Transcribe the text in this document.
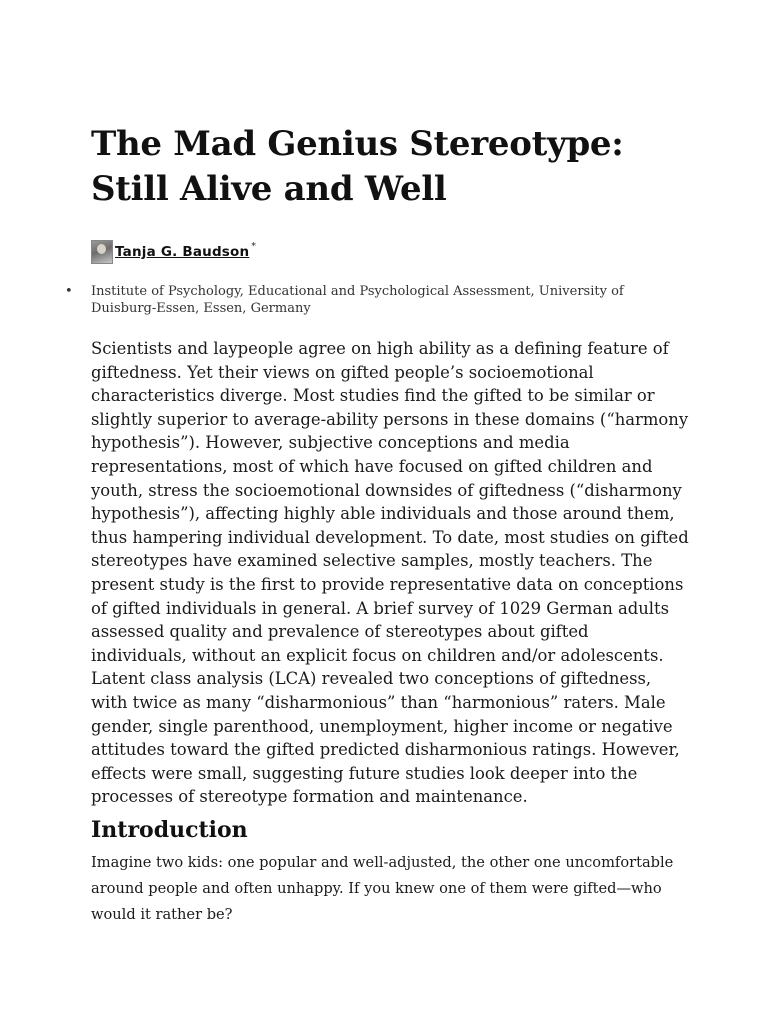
The Mad Genius Stereotype: Still Alive and Well
Tanja G. Baudson *
• Institute of Psychology, Educational and Psychological Assessment, University of Duisburg-Essen, Essen, Germany

Scientists and laypeople agree on high ability as a defining feature of giftedness. Yet their views on gifted people’s socioemotional characteristics diverge. Most studies find the gifted to be similar or slightly superior to average-ability persons in these domains (“harmony hypothesis”). However, subjective conceptions and media representations, most of which have focused on gifted children and youth, stress the socioemotional downsides of giftedness (“disharmony hypothesis”), affecting highly able individuals and those around them, thus hampering individual development. To date, most studies on gifted stereotypes have examined selective samples, mostly teachers. The present study is the first to provide representative data on conceptions of gifted individuals in general. A brief survey of 1029 German adults assessed quality and prevalence of stereotypes about gifted individuals, without an explicit focus on children and/or adolescents. Latent class analysis (LCA) revealed two conceptions of giftedness, with twice as many “disharmonious” than “harmonious” raters. Male gender, single parenthood, unemployment, higher income or negative attitudes toward the gifted predicted disharmonious ratings. However, effects were small, suggesting future studies look deeper into the processes of stereotype formation and maintenance.

Introduction

Imagine two kids: one popular and well-adjusted, the other one uncomfortable around people and often unhappy. If you knew one of them were gifted—who would it rather be?
